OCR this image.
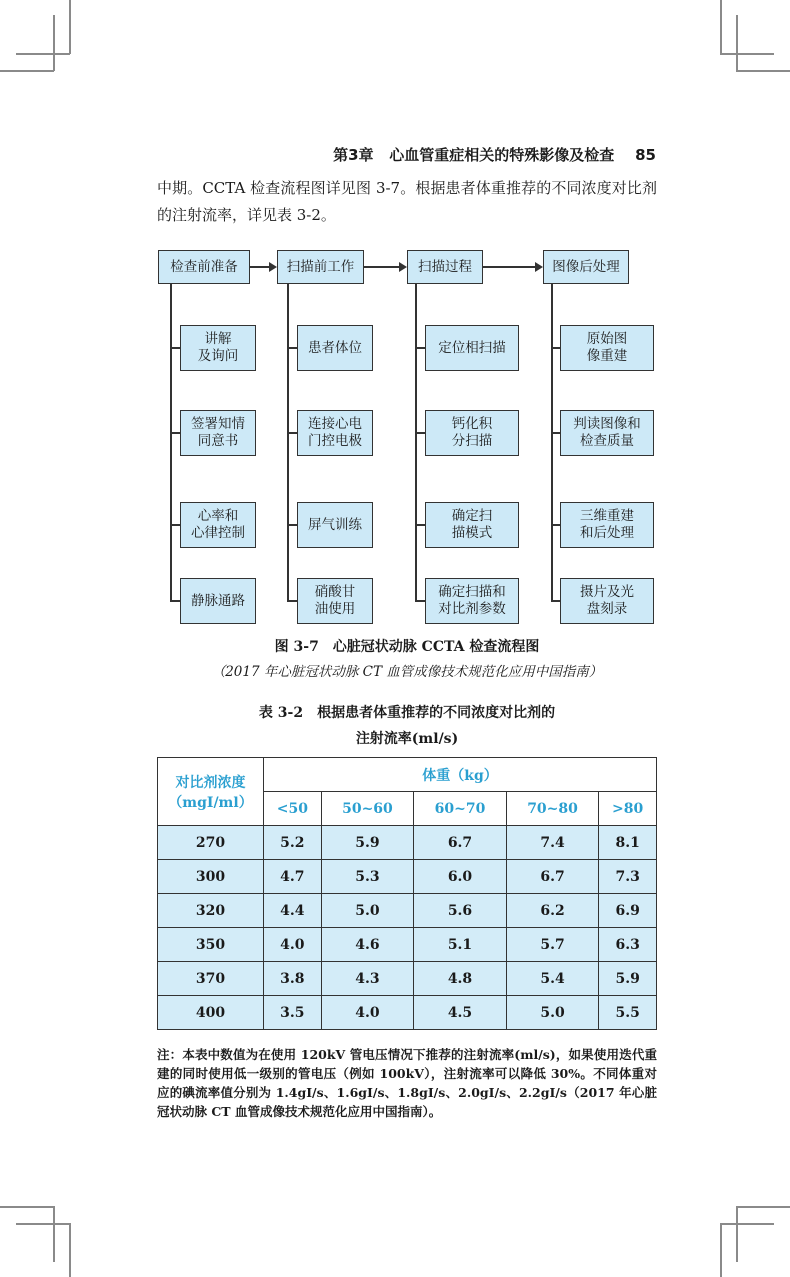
第3章 心血管重症相关的特殊影像及检查 85
中期。CCTA 检查流程图详见图 3-7。根据患者体重推荐的不同浓度对比剂的注射流率，详见表 3-2。
检查前准备
讲解
及询问
签署知情
同意书
心率和
心律控制
静脉通路
扫描前工作
患者体位
连接心电
门控电极
屏气训练
硝酸甘
油使用
扫描过程
定位相扫描
钙化积
分扫描
确定扫
描模式
确定扫描和
对比剂参数
图像后处理
原始图
像重建
判读图像和
检查质量
三维重建
和后处理
摄片及光
盘刻录
图 3-7　心脏冠状动脉 CCTA 检查流程图
（2017 年心脏冠状动脉 CT 血管成像技术规范化应用中国指南）
表 3-2　根据患者体重推荐的不同浓度对比剂的
注射流率(ml/s)
对比剂浓度
（mgI/ml）	体重（kg）				
	<50	50~60	60~70	70~80	>80
270	5.2	5.9	6.7	7.4	8.1
300	4.7	5.3	6.0	6.7	7.3
320	4.4	5.0	5.6	6.2	6.9
350	4.0	4.6	5.1	5.7	6.3
370	3.8	4.3	4.8	5.4	5.9
400	3.5	4.0	4.5	5.0	5.5
注：本表中数值为在使用 120kV 管电压情况下推荐的注射流率(ml/s)，如果使用迭代重建的同时使用低一级别的管电压（例如 100kV），注射流率可以降低 30%。不同体重对应的碘流率值分别为 1.4gI/s、1.6gI/s、1.8gI/s、2.0gI/s、2.2gI/s（2017 年心脏冠状动脉 CT 血管成像技术规范化应用中国指南）。
